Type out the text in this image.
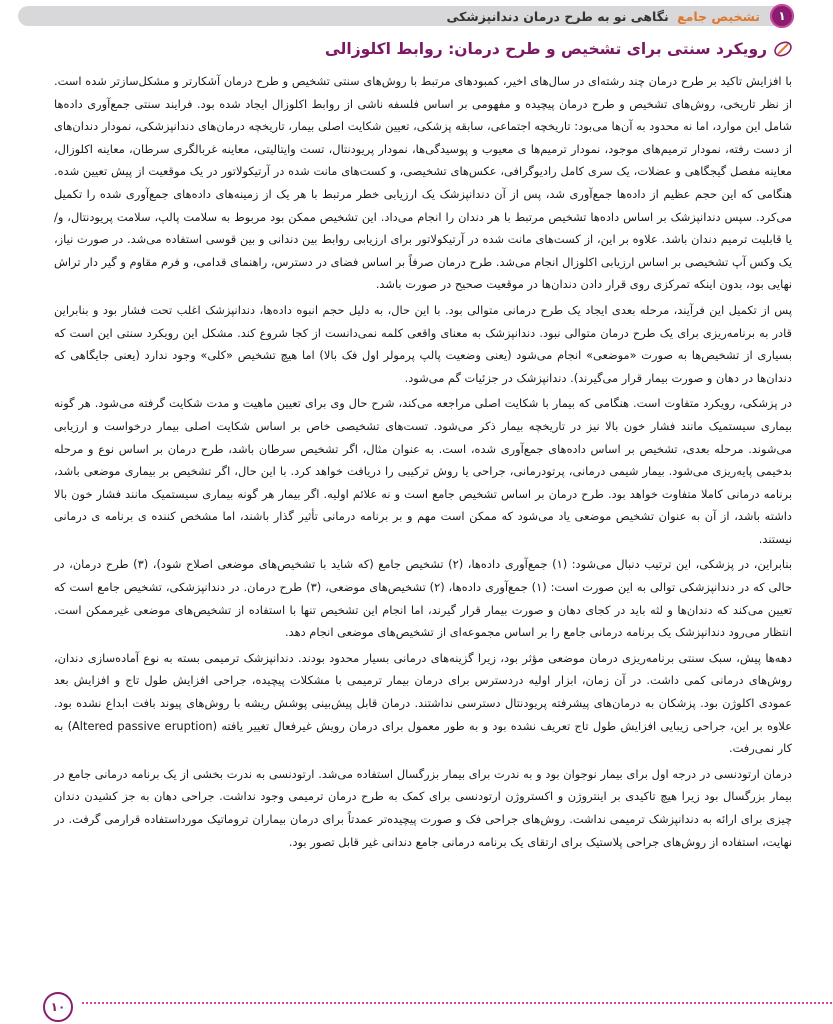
تشخیص جامع نگاهی نو به طرح درمان دندانپزشکی	۱
رویکرد سنتی برای تشخیص و طرح درمان: روابط اکلوزالی

با افزایش تاکید بر طرح درمان چند رشته‌ای در سال‌های اخیر، کمبودهای مرتبط با روش‌های سنتی تشخیص و طرح درمان آشکارتر و مشکل‌سازتر شده است. از نظر تاریخی، روش‌های تشخیص و طرح درمان پیچیده و مفهومی بر اساس فلسفه ناشی از روابط اکلوزال ایجاد شده بود. فرایند سنتی جمع‌آوری داده‌ها شامل این موارد، اما نه محدود به آن‌ها می‌بود: تاریخچه اجتماعی، سابقه پزشکی، تعیین شکایت اصلی بیمار، تاریخچه درمان‌های دندانپزشکی، نمودار دندان‌های از دست رفته، نمودار ترمیم‌های موجود، نمودار ترمیم‌ها ی معیوب و پوسیدگی‌ها، نمودار پریودنتال، تست وایتالیتی، معاینه غربالگری سرطان، معاینه اکلوزال، معاینه مفصل گیجگاهی و عضلات، یک سری کامل رادیوگرافی، عکس‌های تشخیصی، و کست‌های مانت شده در آرتیکولاتور در یک موقعیت از پیش تعیین شده. هنگامی که این حجم عظیم از داده‌ها جمع‌آوری شد، پس از آن دندانپزشک یک ارزیابی خطر مرتبط با هر یک از زمینه‌های داده‌های جمع‌آوری شده را تکمیل می‌کرد. سپس دندانپزشک بر اساس داده‌ها تشخیص مرتبط با هر دندان را انجام می‌داد. این تشخیص ممکن بود مربوط به سلامت پالپ، سلامت پریودنتال، و/ یا قابلیت ترمیم دندان باشد. علاوه بر این، از کست‌های مانت شده در آرتیکولاتور برای ارزیابی روابط بین دندانی و بین قوسی استفاده می‌شد. در صورت نیاز، یک وکس آپ تشخیصی بر اساس ارزیابی اکلوزال انجام می‌شد. طرح درمان صرفاً بر اساس فضای در دسترس، راهنمای قدامی، و فرم مقاوم و گیر دار تراش نهایی بود، بدون اینکه تمرکزی روی قرار دادن دندان‌ها در موقعیت صحیح در صورت باشد.

پس از تکمیل این فرآیند، مرحله بعدی ایجاد یک طرح درمانی متوالی بود. با این حال، به دلیل حجم انبوه داده‌ها، دندانپزشک اغلب تحت فشار بود و بنابراین قادر به برنامه‌ریزی برای یک طرح درمان متوالی نبود. دندانپزشک به معنای واقعی کلمه نمی‌دانست از کجا شروع کند. مشکل این رویکرد سنتی این است که بسیاری از تشخیص‌ها به صورت «موضعی» انجام می‌شود (یعنی وضعیت پالپ پرمولر اول فک بالا) اما هیچ تشخیص «کلی» وجود ندارد (یعنی جایگاهی که دندان‌ها در دهان و صورت بیمار قرار می‌گیرند). دندانپزشک در جزئیات گم می‌شود.

در پزشکی، رویکرد متفاوت است. هنگامی که بیمار با شکایت اصلی مراجعه می‌کند، شرح حال وی برای تعیین ماهیت و مدت شکایت گرفته می‌شود. هر گونه بیماری سیستمیک مانند فشار خون بالا نیز در تاریخچه بیمار ذکر می‌شود. تست‌های تشخیصی خاص بر اساس شکایت اصلی بیمار درخواست و ارزیابی می‌شوند. مرحله بعدی، تشخیص بر اساس داده‌های جمع‌آوری شده، است. به عنوان مثال، اگر تشخیص سرطان باشد، طرح درمان بر اساس نوع و مرحله بدخیمی پایه‌ریزی می‌شود. بیمار شیمی درمانی، پرتودرمانی، جراحی یا روش ترکیبی را دریافت خواهد کرد. با این حال، اگر تشخیص بر بیماری موضعی باشد، برنامه درمانی کاملا متفاوت خواهد بود. طرح درمان بر اساس تشخیص جامع است و نه علائم اولیه. اگر بیمار هر گونه بیماری سیستمیک مانند فشار خون بالا داشته باشد، از آن به عنوان تشخیص موضعی یاد می‌شود که ممکن است مهم و بر برنامه درمانی تأثیر گذار باشند، اما مشخص کننده ی برنامه ی درمانی نیستند.

بنابراین، در پزشکی، این ترتیب دنبال می‌شود: (۱) جمع‌آوری داده‌ها، (۲) تشخیص جامع (که شاید با تشخیص‌های موضعی اصلاح شود)، (۳) طرح درمان، در حالی که در دندانپزشکی توالی به این صورت است: (۱) جمع‌آوری داده‌ها، (۲) تشخیص‌های موضعی، (۳) طرح درمان. در دندانپزشکی، تشخیص جامع است که تعیین می‌کند که دندان‌ها و لثه باید در کجای دهان و صورت بیمار قرار گیرند، اما انجام این تشخیص تنها با استفاده از تشخیص‌های موضعی غیرممکن است. انتظار می‌رود دندانپزشک یک برنامه درمانی جامع را بر اساس مجموعه‌ای از تشخیص‌های موضعی انجام دهد.

دهه‌ها پیش، سبک سنتی برنامه‌ریزی درمان موضعی مؤثر بود، زیرا گزینه‌های درمانی بسیار محدود بودند. دندانپزشک ترمیمی بسته به نوع آماده‌سازی دندان، روش‌های درمانی کمی داشت. در آن زمان، ابزار اولیه دردسترس برای درمان بیمار ترمیمی با مشکلات پیچیده، جراحی افزایش طول تاج و افزایش بعد عمودی اکلوژن بود. پزشکان به درمان‌های پیشرفته پریودنتال دسترسی نداشتند. درمان قابل پیش‌بینی پوشش ریشه با روش‌های پیوند بافت ابداع نشده بود. علاوه بر این، جراحی زیبایی افزایش طول تاج تعریف نشده بود و به طور معمول برای درمان رویش غیرفعال تغییر یافته (Altered passive eruption) به کار نمی‌رفت.

درمان ارتودنسی در درجه اول برای بیمار نوجوان بود و به ندرت برای بیمار بزرگسال استفاده می‌شد. ارتودنسی به ندرت بخشی از یک برنامه درمانی جامع در بیمار بزرگسال بود زیرا هیچ تاکیدی بر اینتروژن و اکستروژن ارتودنسی برای کمک به طرح درمان ترمیمی وجود نداشت. جراحی دهان به جز کشیدن دندان چیزی برای ارائه به دندانپزشک ترمیمی نداشت. روش‌های جراحی فک و صورت پیچیده‌تر عمدتاً برای درمان بیماران تروماتیک مورداستفاده قرارمی گرفت. در نهایت، استفاده از روش‌های جراحی پلاستیک برای ارتقای یک برنامه درمانی جامع دندانی غیر قابل تصور بود.

۱۰
